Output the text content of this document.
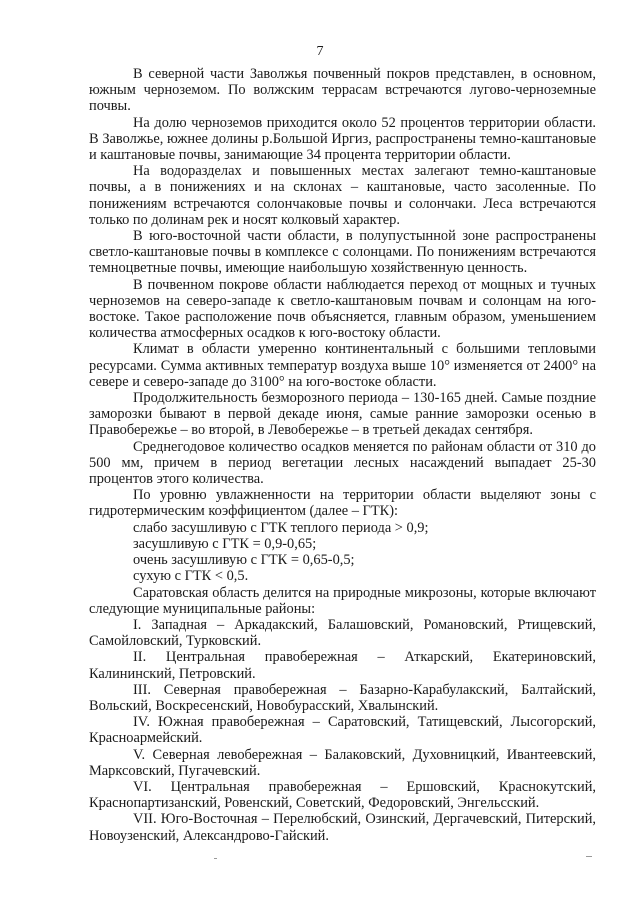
7

В северной части Заволжья почвенный покров представлен, в основном, южным черноземом. По волжским террасам встречаются лугово-черноземные почвы.

На долю черноземов приходится около 52 процентов территории области. В Заволжье, южнее долины р.Большой Иргиз, распространены темно-каштановые и каштановые почвы, занимающие 34 процента территории области.

На водоразделах и повышенных местах залегают темно-каштановые почвы, а в понижениях и на склонах – каштановые, часто засоленные. По понижениям встречаются солончаковые почвы и солончаки. Леса встречаются только по долинам рек и носят колковый характер.

В юго-восточной части области, в полупустынной зоне распространены светло-каштановые почвы в комплексе с солонцами. По понижениям встречаются темноцветные почвы, имеющие наибольшую хозяйственную ценность.

В почвенном покрове области наблюдается переход от мощных и тучных черноземов на северо-западе к светло-каштановым почвам и солонцам на юго-востоке. Такое расположение почв объясняется, главным образом, уменьшением количества атмосферных осадков к юго-востоку области.

Климат в области умеренно континентальный с большими тепловыми ресурсами. Сумма активных температур воздуха выше 10° изменяется от 2400° на севере и северо-западе до 3100° на юго-востоке области.

Продолжительность безморозного периода – 130-165 дней. Самые поздние заморозки бывают в первой декаде июня, самые ранние заморозки осенью в Правобережье – во второй, в Левобережье – в третьей декадах сентября.

Среднегодовое количество осадков меняется по районам области от 310 до 500 мм, причем в период вегетации лесных насаждений выпадает 25-30 процентов этого количества.

По уровню увлажненности на территории области выделяют зоны с гидротермическим коэффициентом (далее – ГТК):

слабо засушливую с ГТК теплого периода > 0,9;

засушливую с ГТК = 0,9-0,65;

очень засушливую с ГТК = 0,65-0,5;

сухую с ГТК < 0,5.

Саратовская область делится на природные микрозоны, которые включают следующие муниципальные районы:

I. Западная – Аркадакский, Балашовский, Романовский, Ртищевский, Самойловский, Турковский.

II. Центральная правобережная – Аткарский, Екатериновский, Калининский, Петровский.

III. Северная правобережная – Базарно-Карабулакский, Балтайский, Вольский, Воскресенский, Новобурасский, Хвалынский.

IV. Южная правобережная – Саратовский, Татищевский, Лысогорский, Красноармейский.

V. Северная левобережная – Балаковский, Духовницкий, Ивантеевский, Марксовский, Пугачевский.

VI. Центральная правобережная – Ершовский, Краснокутский, Краснопартизанский, Ровенский, Советский, Федоровский, Энгельсский.

VII. Юго-Восточная – Перелюбский, Озинский, Дергачевский, Питерский, Новоузенский, Александрово-Гайский.
